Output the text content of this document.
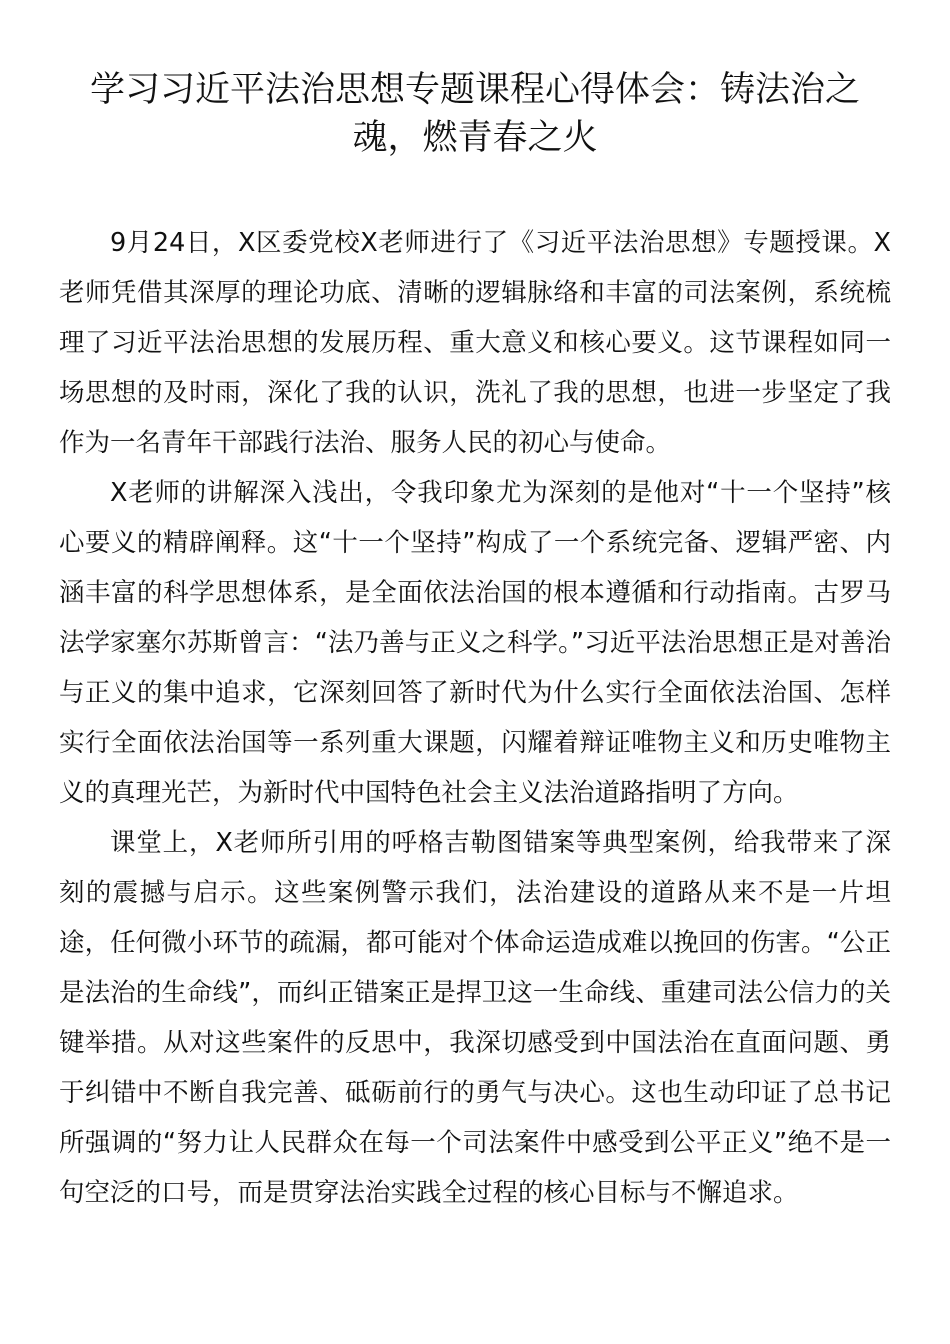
学习习近平法治思想专题课程心得体会：铸法治之魂，燃青春之火

9月24日，X区委党校X老师进行了《习近平法治思想》专题授课。X老师凭借其深厚的理论功底、清晰的逻辑脉络和丰富的司法案例，系统梳理了习近平法治思想的发展历程、重大意义和核心要义。这节课程如同一场思想的及时雨，深化了我的认识，洗礼了我的思想，也进一步坚定了我作为一名青年干部践行法治、服务人民的初心与使命。

X老师的讲解深入浅出，令我印象尤为深刻的是他对“十一个坚持”核心要义的精辟阐释。这“十一个坚持”构成了一个系统完备、逻辑严密、内涵丰富的科学思想体系，是全面依法治国的根本遵循和行动指南。古罗马法学家塞尔苏斯曾言：“法乃善与正义之科学。”习近平法治思想正是对善治与正义的集中追求，它深刻回答了新时代为什么实行全面依法治国、怎样实行全面依法治国等一系列重大课题，闪耀着辩证唯物主义和历史唯物主义的真理光芒，为新时代中国特色社会主义法治道路指明了方向。

课堂上，X老师所引用的呼格吉勒图错案等典型案例，给我带来了深刻的震撼与启示。这些案例警示我们，法治建设的道路从来不是一片坦途，任何微小环节的疏漏，都可能对个体命运造成难以挽回的伤害。“公正是法治的生命线”，而纠正错案正是捍卫这一生命线、重建司法公信力的关键举措。从对这些案件的反思中，我深切感受到中国法治在直面问题、勇于纠错中不断自我完善、砥砺前行的勇气与决心。这也生动印证了总书记所强调的“努力让人民群众在每一个司法案件中感受到公平正义”绝不是一句空泛的口号，而是贯穿法治实践全过程的核心目标与不懈追求。
